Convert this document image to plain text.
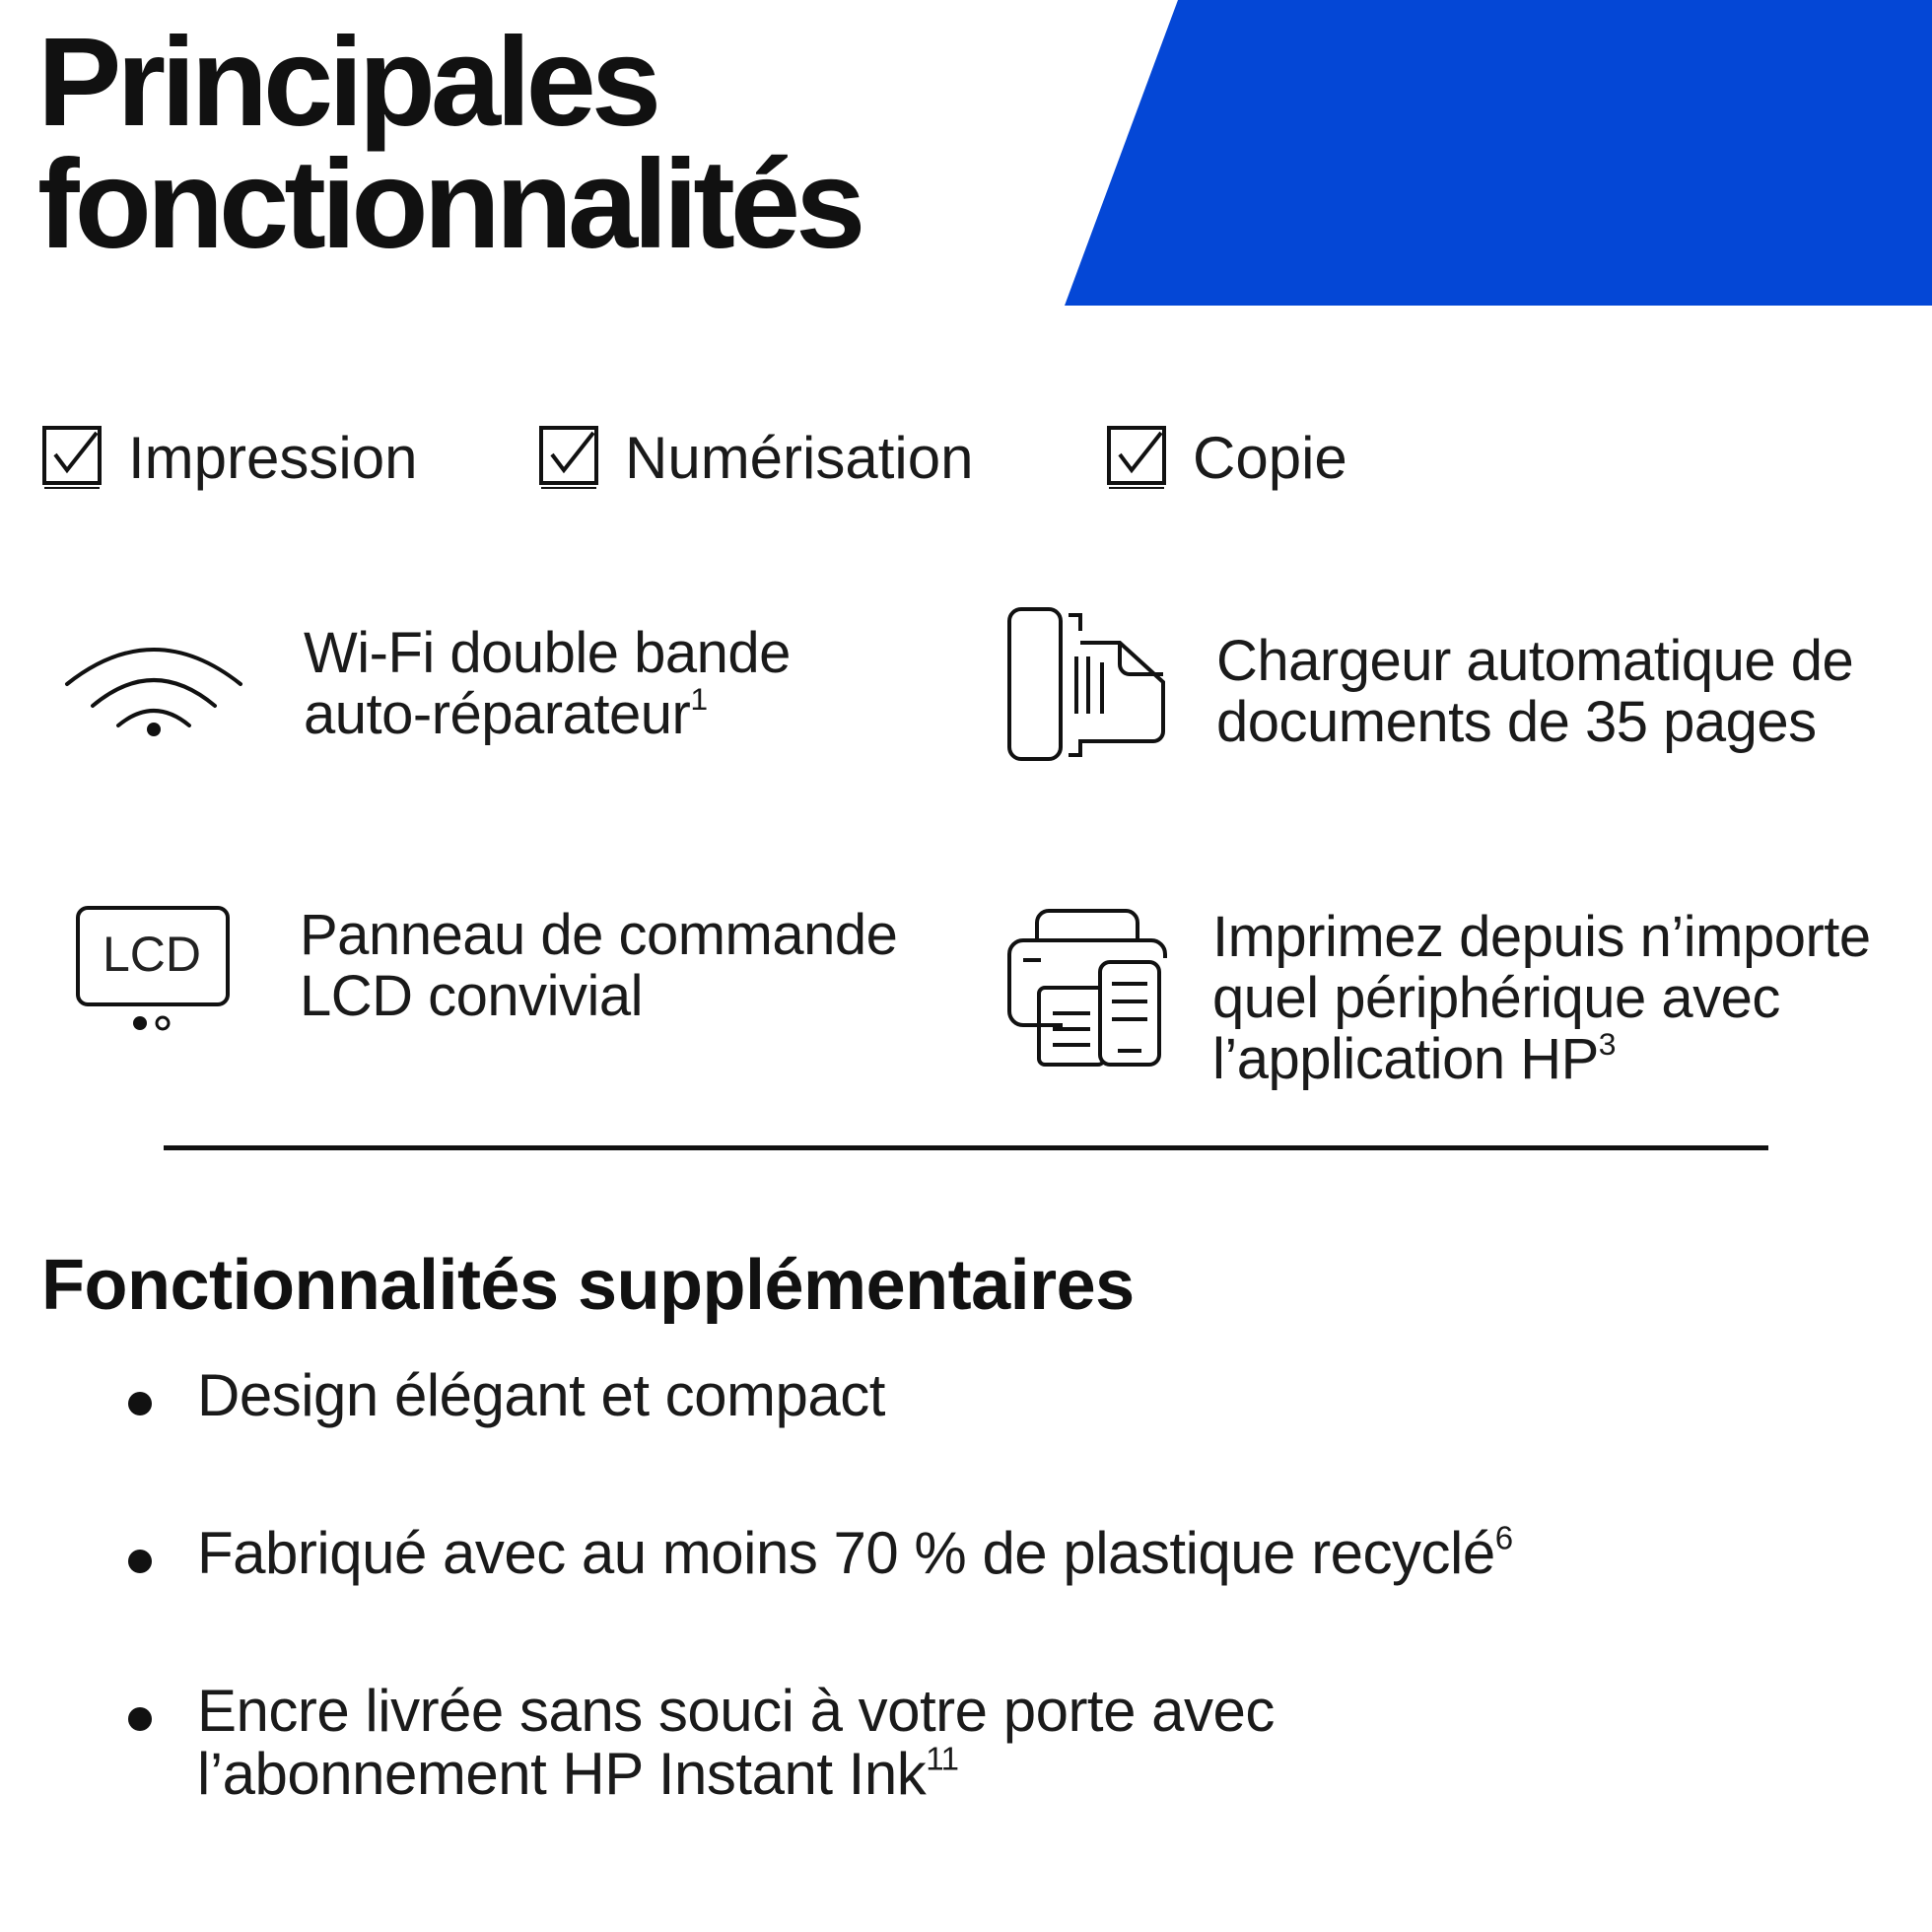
Principales
fonctionnalités
Impression	Numérisation	Copie
Wi-Fi double bande
auto-réparateur$^1$
Chargeur automatique de
documents de 35 pages
LCD	Panneau de commande
LCD convivial
Imprimez depuis n’importe
quel périphérique avec
l’application $HP^3$
Fonctionnalités supplémentaires
Design élégant et compact
Fabriqué avec au moins 70 % de plastique recyclé$^6$
Encre livrée sans souci à votre porte avec
l’abonnement HP Instant Ink$^{11}$
